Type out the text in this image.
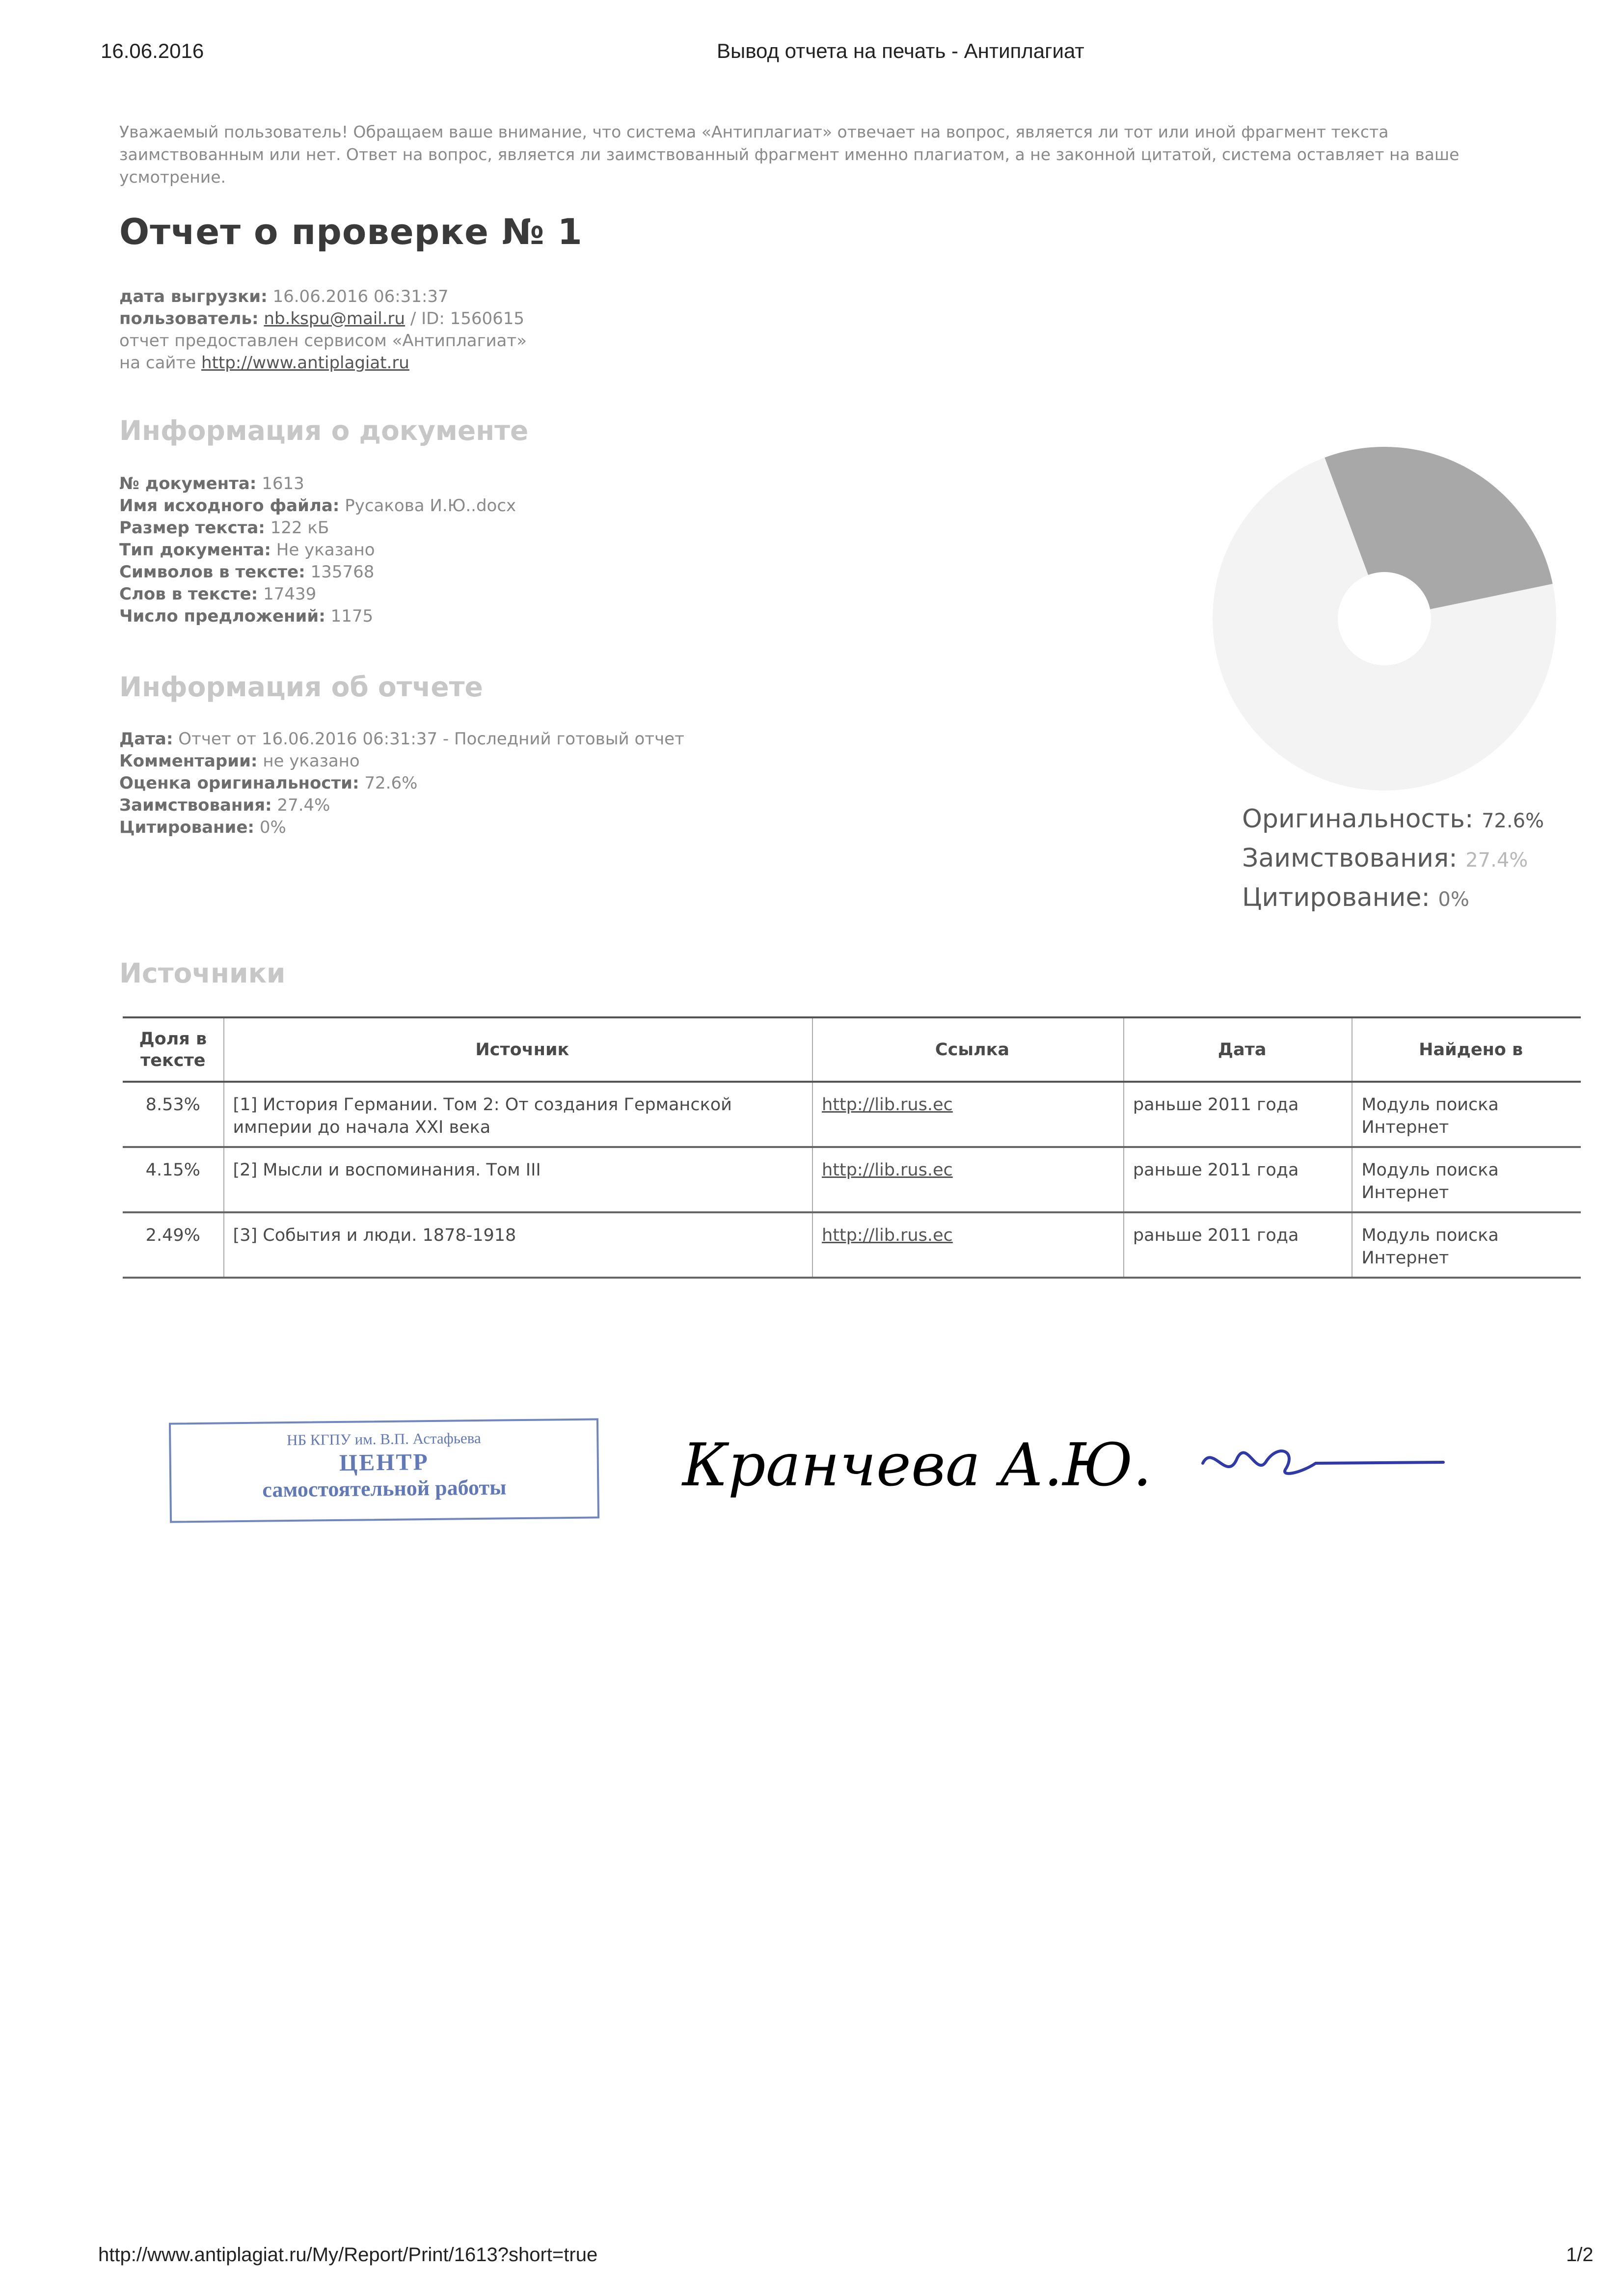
16.06.2016	Вывод отчета на печать - Антиплагиат
Уважаемый пользователь! Обращаем ваше внимание, что система «Антиплагиат» отвечает на вопрос, является ли тот или иной фрагмент текста заимствованным или нет. Ответ на вопрос, является ли заимствованный фрагмент именно плагиатом, а не законной цитатой, система оставляет на ваше усмотрение.
Отчет о проверке № 1
дата выгрузки: 16.06.2016 06:31:37
пользователь: nb.kspu@mail.ru / ID: 1560615
отчет предоставлен сервисом «Антиплагиат»
на сайте http://www.antiplagiat.ru
Информация о документе
№ документа: 1613
Имя исходного файла: Русакова И.Ю..docx
Размер текста: 122 кБ
Тип документа: Не указано
Символов в тексте: 135768
Слов в тексте: 17439
Число предложений: 1175
Информация об отчете
Дата: Отчет от 16.06.2016 06:31:37 - Последний готовый отчет
Комментарии: не указано
Оценка оригинальности: 72.6%
Заимствования: 27.4%
Цитирование: 0%	Оригинальность: 72.6%
Заимствования: 27.4%
Цитирование: 0%
Источники
Доля в тексте	Источник	Ссылка	Дата	Найдено в
8.53%	[1] История Германии. Том 2: От создания Германской империи до начала XXI века	http://lib.rus.ec	раньше 2011 года	Модуль поиска Интернет
4.15%	[2] Мысли и воспоминания. Том III	http://lib.rus.ec	раньше 2011 года	Модуль поиска Интернет
2.49%	[3] События и люди. 1878-1918	http://lib.rus.ec	раньше 2011 года	Модуль поиска Интернет
НБ КГПУ им. В.П. Астафьева
ЦЕНТР
самостоятельной работы	Кранчева А.Ю.
http://www.antiplagiat.ru/My/Report/Print/1613?short=true	1/2
